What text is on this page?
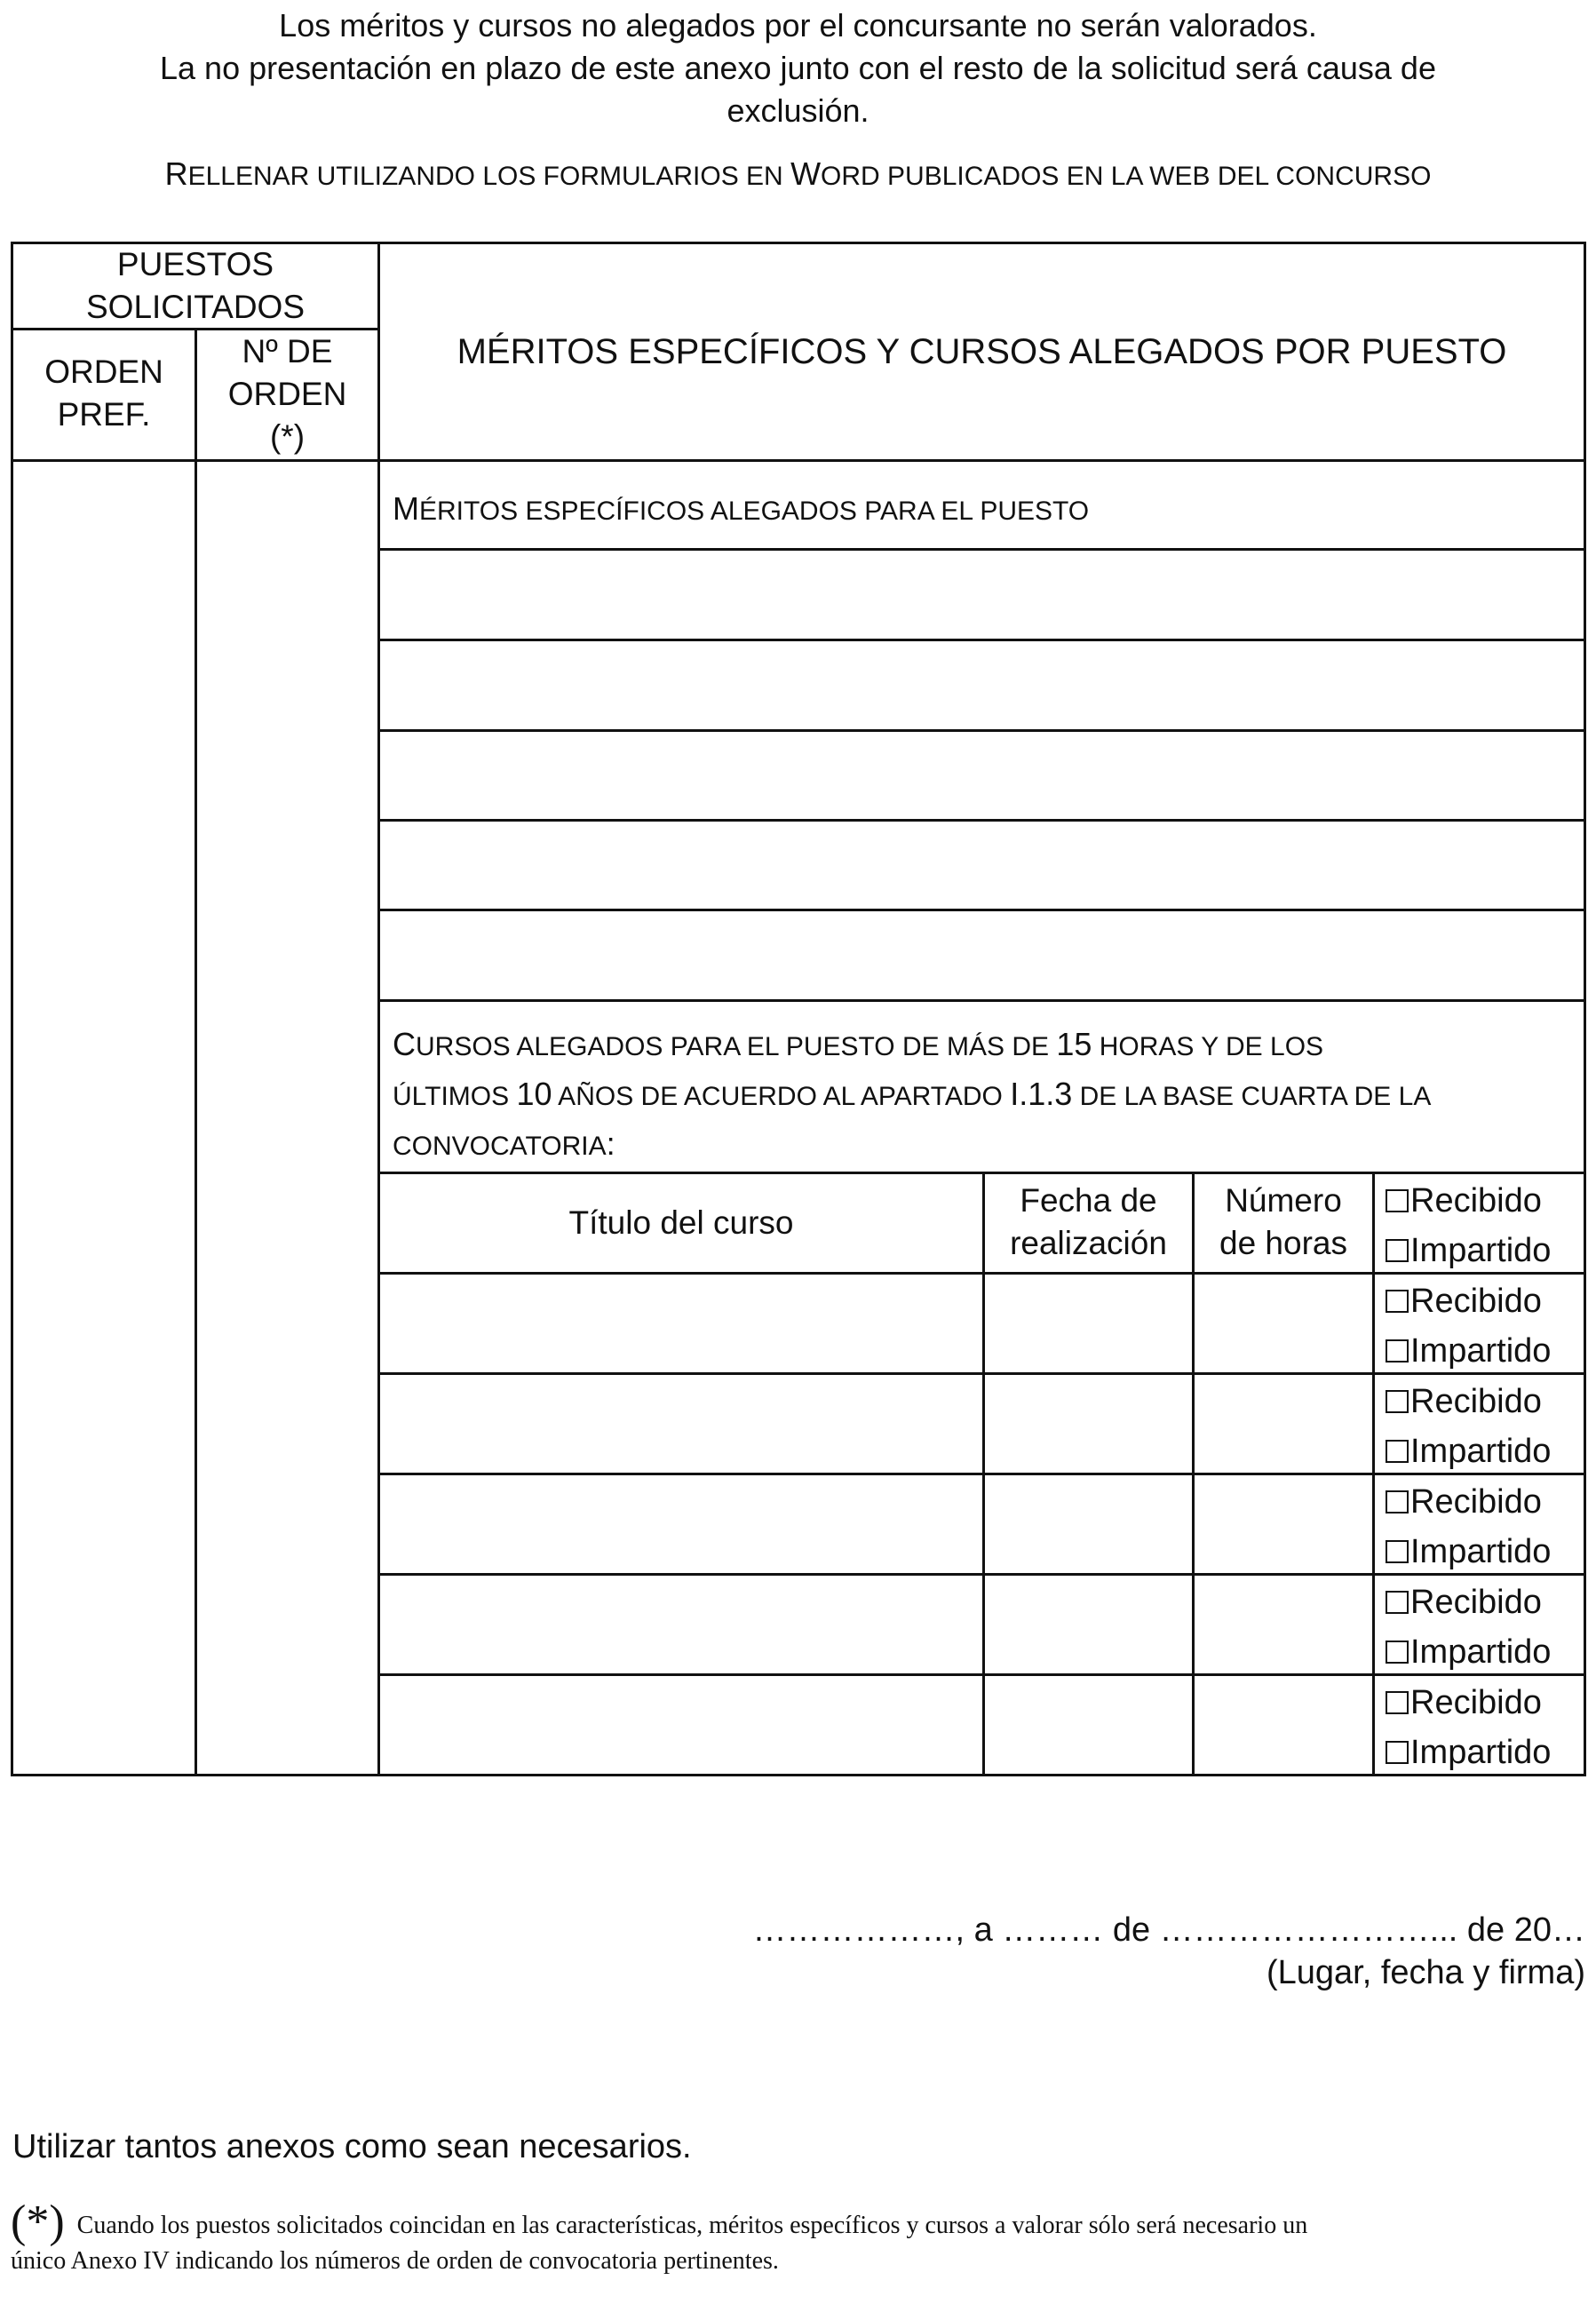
Los méritos y cursos no alegados por el concursante no serán valorados.
La no presentación en plazo de este anexo junto con el resto de la solicitud será causa de
exclusión.
RELLENAR UTILIZANDO LOS FORMULARIOS EN WORD PUBLICADOS EN LA WEB DEL CONCURSO
PUESTOS
SOLICITADOS
ORDEN
PREF.
Nº DE
ORDEN
(*)
MÉRITOS ESPECÍFICOS Y CURSOS ALEGADOS POR PUESTO
MÉRITOS ESPECÍFICOS ALEGADOS PARA EL PUESTO
CURSOS ALEGADOS PARA EL PUESTO DE MÁS DE 15 HORAS Y DE LOS
ÚLTIMOS 10 AÑOS DE ACUERDO AL APARTADO I.1.3 DE LA BASE CUARTA DE LA
CONVOCATORIA:
Título del curso
Fecha de
realización
Número
de horas
Recibido
Impartido
Recibido
Impartido
Recibido
Impartido
Recibido
Impartido
Recibido
Impartido
Recibido
Impartido
………………, a ……… de ……………………... de 20…
(Lugar, fecha y firma)
Utilizar tantos anexos como sean necesarios.
(*) Cuando los puestos solicitados coincidan en las características, méritos específicos y cursos a valorar sólo será necesario un
único Anexo IV indicando los números de orden de convocatoria pertinentes.
